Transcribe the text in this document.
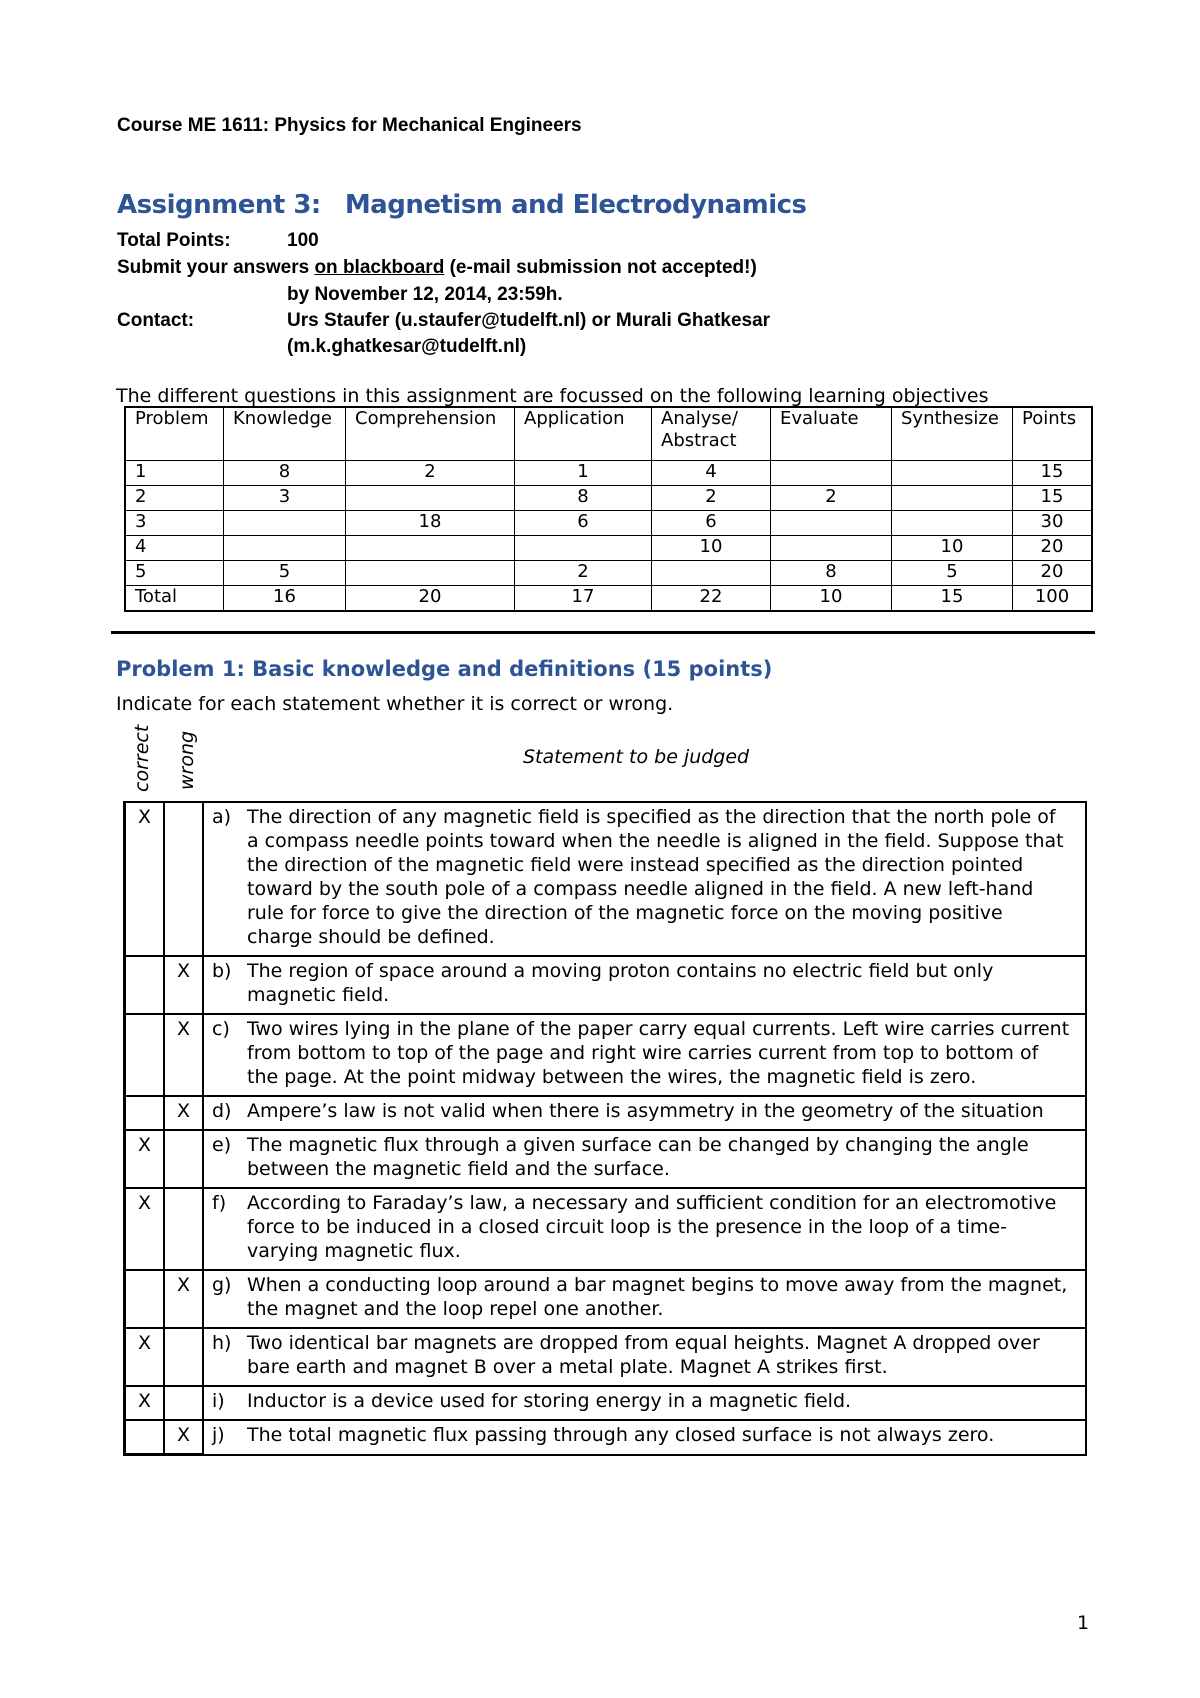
Course ME 1611: Physics for Mechanical Engineers
Assignment 3: Magnetism and Electrodynamics
Total Points:	100
Submit your answers on blackboard (e-mail submission not accepted!)
by November 12, 2014, 23:59h.
Contact:	Urs Staufer (u.staufer@tudelft.nl) or Murali Ghatkesar
(m.k.ghatkesar@tudelft.nl)
The different questions in this assignment are focussed on the following learning objectives
Problem	Knowledge	Comprehension	Application	Analyse/ Abstract	Evaluate	Synthesize	Points
1	8	2	1	4			15
2	3		8	2	2		15
3		18	6	6			30
4				10		10	20
5	5		2		8	5	20
Total	16	20	17	22	10	15	100
Problem 1: Basic knowledge and definitions (15 points)
Indicate for each statement whether it is correct or wrong.
correct wrong	Statement to be judged
X		a)	The direction of any magnetic field is specified as the direction that the north pole of a compass needle points toward when the needle is aligned in the field. Suppose that the direction of the magnetic field were instead specified as the direction pointed toward by the south pole of a compass needle aligned in the field. A new left-hand rule for force to give the direction of the magnetic force on the moving positive charge should be defined.
	X	b)	The region of space around a moving proton contains no electric field but only magnetic field.
	X	c)	Two wires lying in the plane of the paper carry equal currents. Left wire carries current from bottom to top of the page and right wire carries current from top to bottom of the page. At the point midway between the wires, the magnetic field is zero.
	X	d)	Ampere’s law is not valid when there is asymmetry in the geometry of the situation
X		e)	The magnetic flux through a given surface can be changed by changing the angle between the magnetic field and the surface.
X		f)	According to Faraday’s law, a necessary and sufficient condition for an electromotive force to be induced in a closed circuit loop is the presence in the loop of a time-varying magnetic flux.
	X	g)	When a conducting loop around a bar magnet begins to move away from the magnet, the magnet and the loop repel one another.
X		h)	Two identical bar magnets are dropped from equal heights. Magnet A dropped over bare earth and magnet B over a metal plate. Magnet A strikes first.
X		i)	Inductor is a device used for storing energy in a magnetic field.
	X	j)	The total magnetic flux passing through any closed surface is not always zero.
1
